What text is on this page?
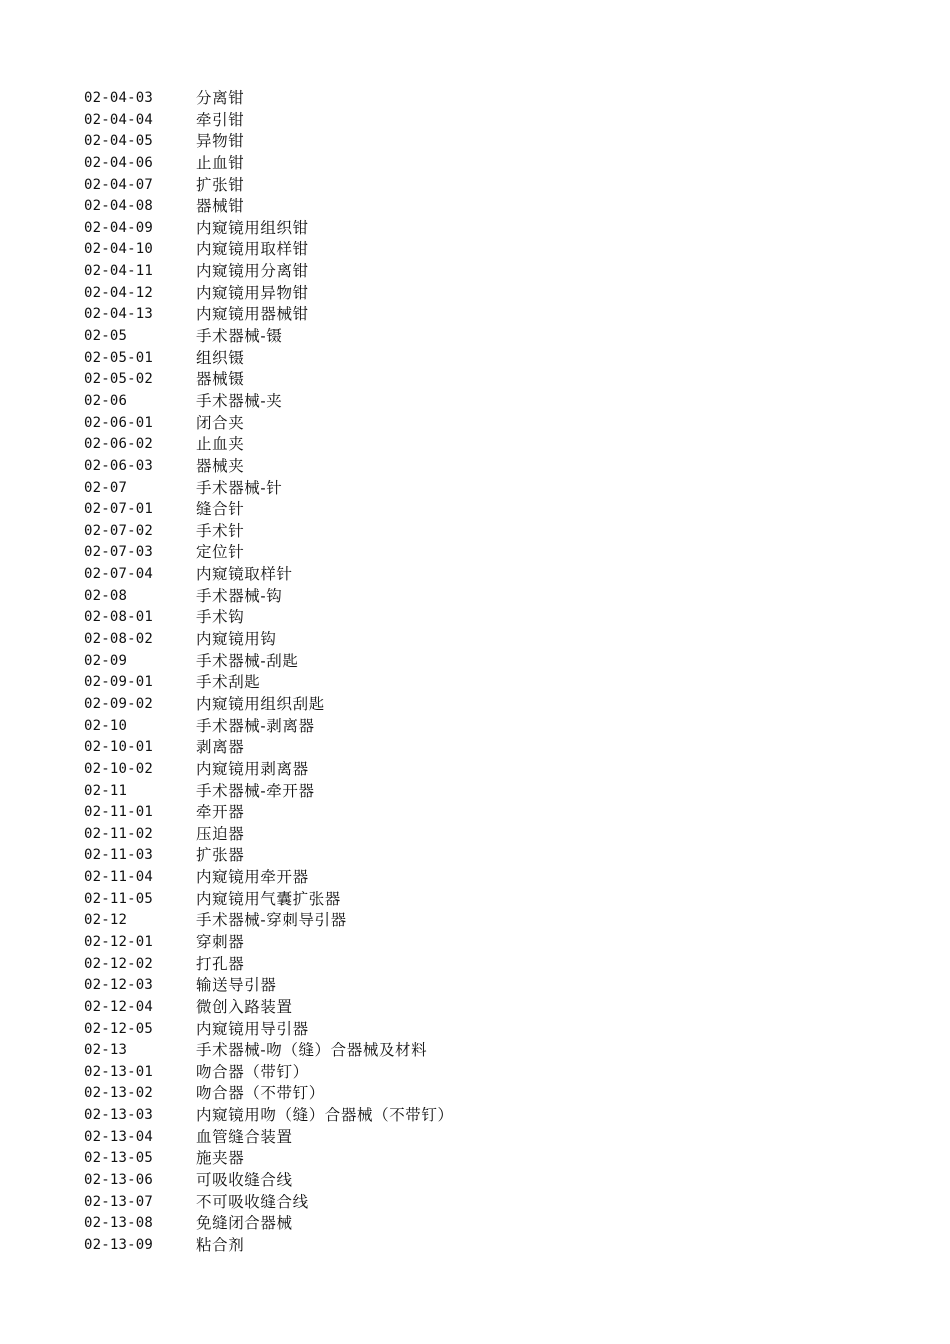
02-04-03	分离钳
02-04-04	牵引钳
02-04-05	异物钳
02-04-06	止血钳
02-04-07	扩张钳
02-04-08	器械钳
02-04-09	内窥镜用组织钳
02-04-10	内窥镜用取样钳
02-04-11	内窥镜用分离钳
02-04-12	内窥镜用异物钳
02-04-13	内窥镜用器械钳
02-05	手术器械-镊
02-05-01	组织镊
02-05-02	器械镊
02-06	手术器械-夹
02-06-01	闭合夹
02-06-02	止血夹
02-06-03	器械夹
02-07	手术器械-针
02-07-01	缝合针
02-07-02	手术针
02-07-03	定位针
02-07-04	内窥镜取样针
02-08	手术器械-钩
02-08-01	手术钩
02-08-02	内窥镜用钩
02-09	手术器械-刮匙
02-09-01	手术刮匙
02-09-02	内窥镜用组织刮匙
02-10	手术器械-剥离器
02-10-01	剥离器
02-10-02	内窥镜用剥离器
02-11	手术器械-牵开器
02-11-01	牵开器
02-11-02	压迫器
02-11-03	扩张器
02-11-04	内窥镜用牵开器
02-11-05	内窥镜用气囊扩张器
02-12	手术器械-穿刺导引器
02-12-01	穿刺器
02-12-02	打孔器
02-12-03	输送导引器
02-12-04	微创入路装置
02-12-05	内窥镜用导引器
02-13	手术器械-吻（缝）合器械及材料
02-13-01	吻合器（带钉）
02-13-02	吻合器（不带钉）
02-13-03	内窥镜用吻（缝）合器械（不带钉）
02-13-04	血管缝合装置
02-13-05	施夹器
02-13-06	可吸收缝合线
02-13-07	不可吸收缝合线
02-13-08	免缝闭合器械
02-13-09	粘合剂
